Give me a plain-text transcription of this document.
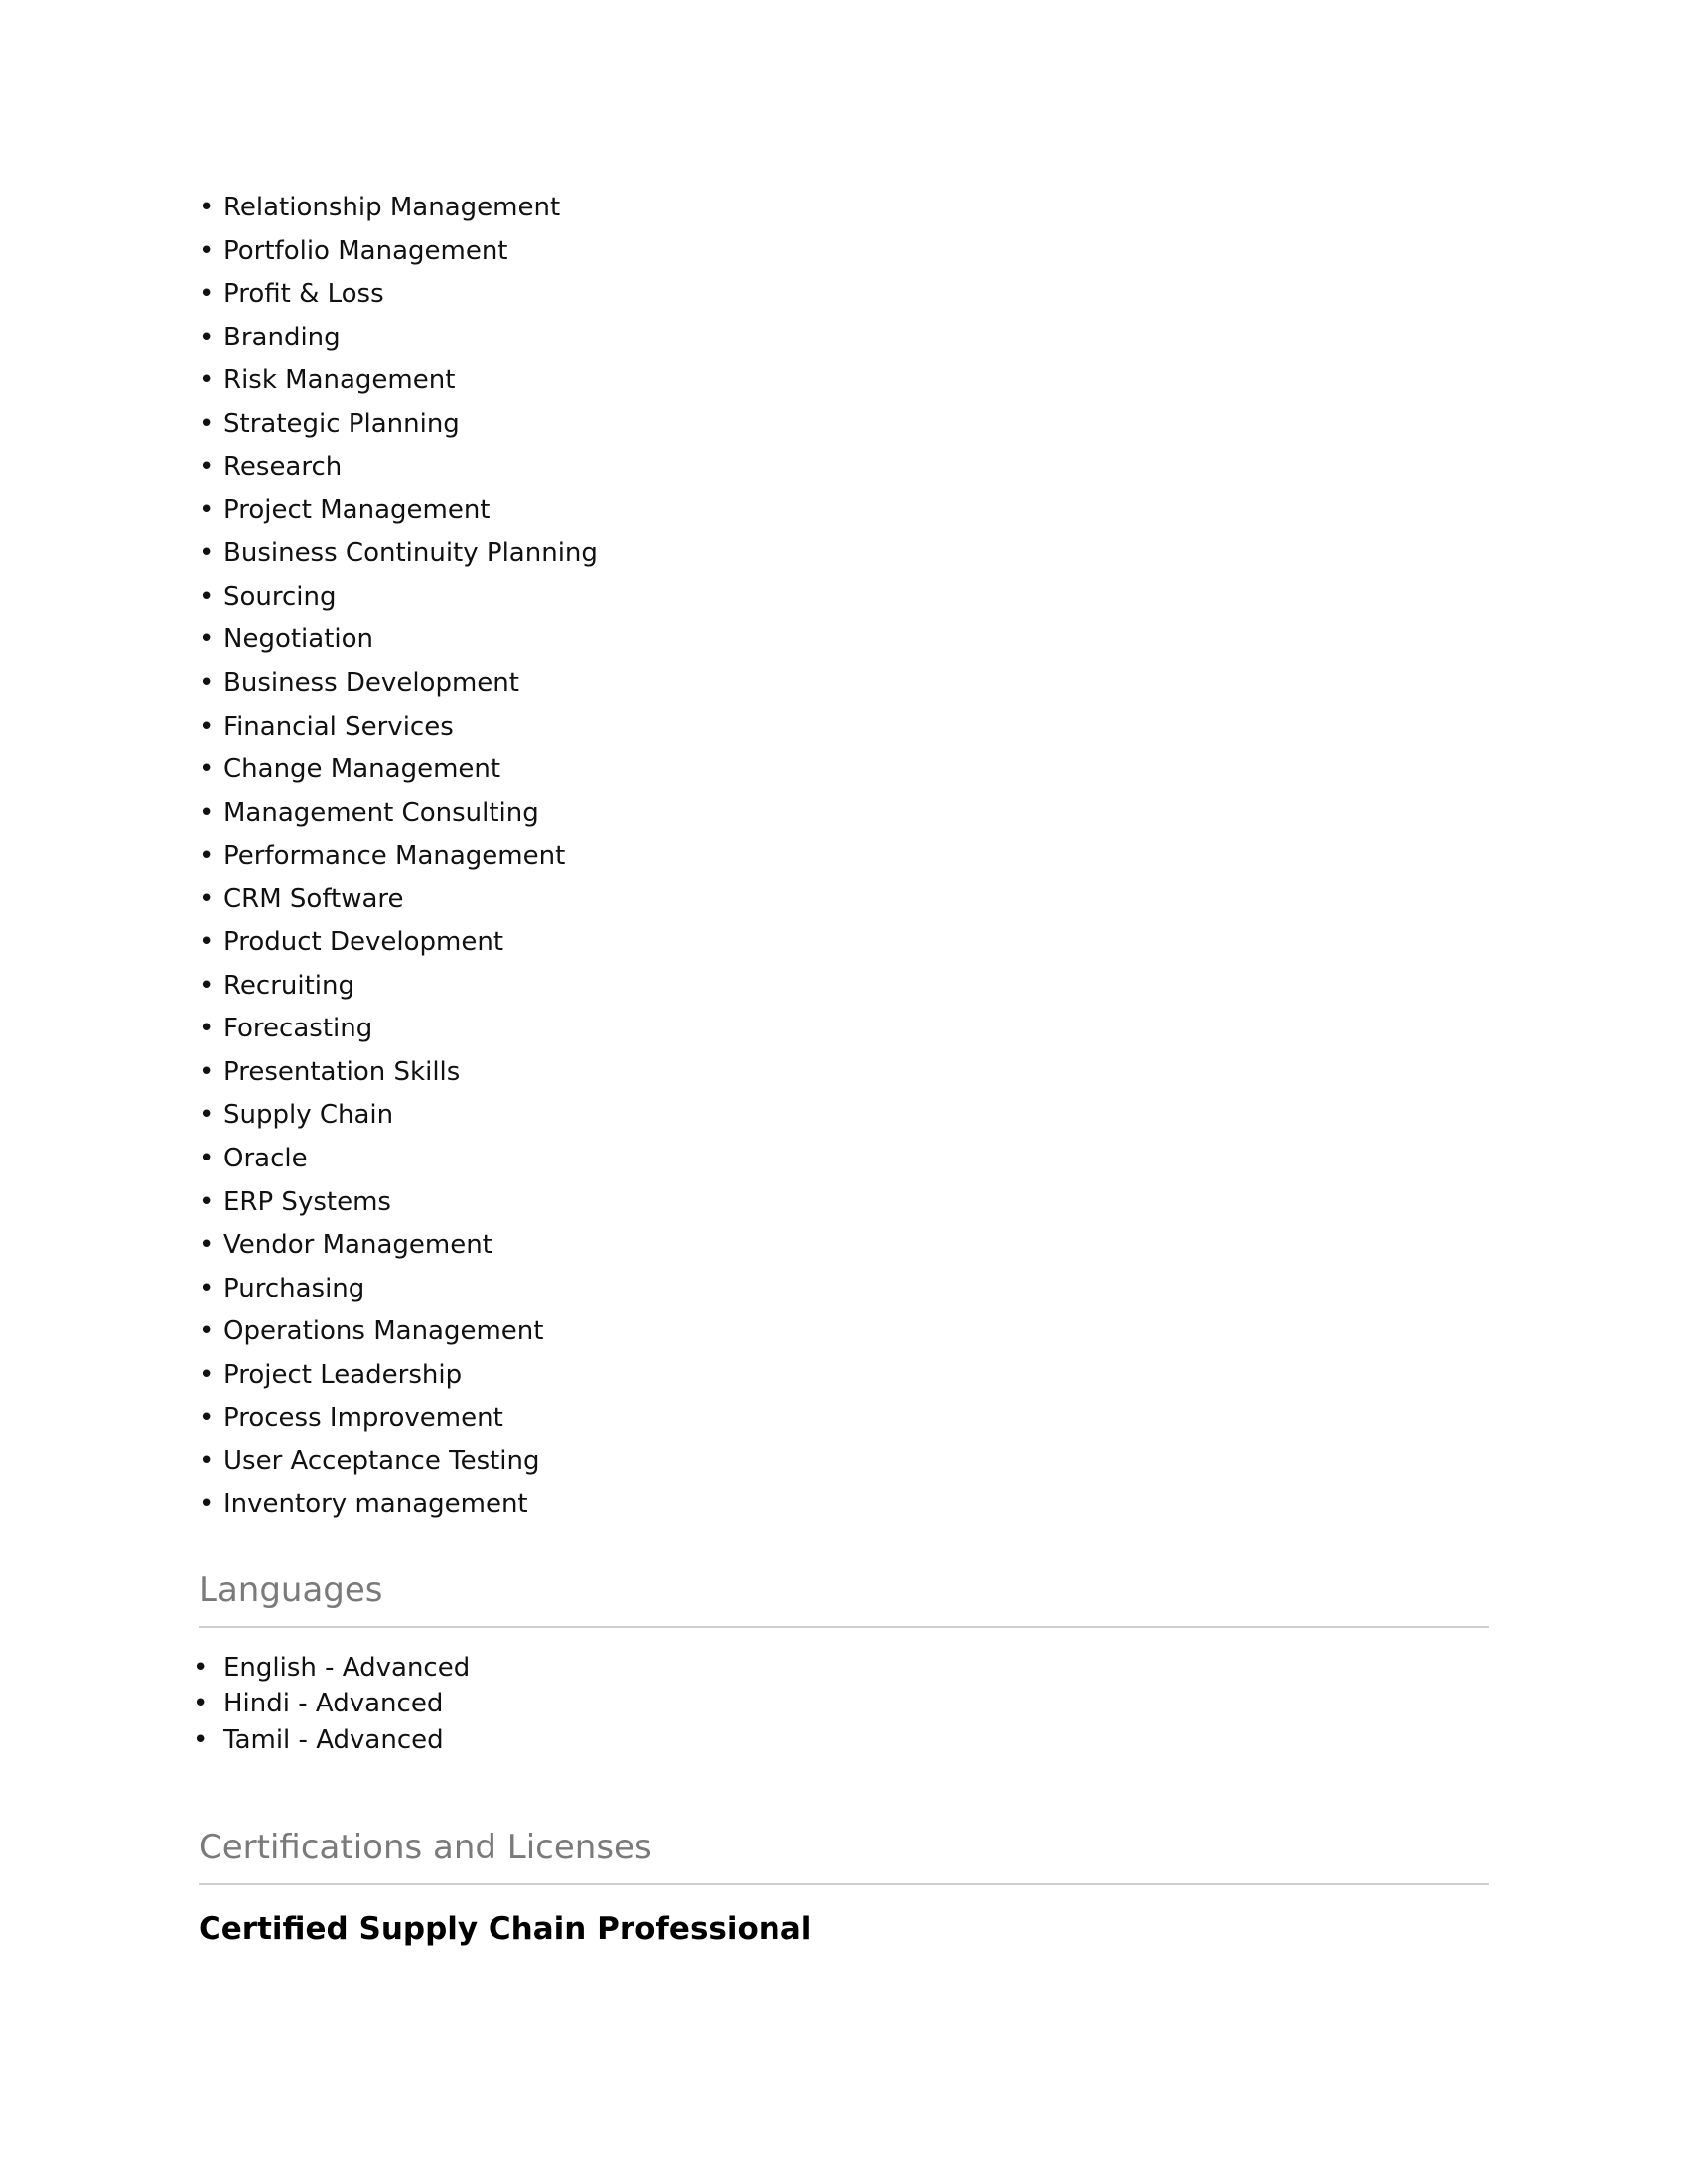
• Relationship Management
• Portfolio Management
• Profit & Loss
• Branding
• Risk Management
• Strategic Planning
• Research
• Project Management
• Business Continuity Planning
• Sourcing
• Negotiation
• Business Development
• Financial Services
• Change Management
• Management Consulting
• Performance Management
• CRM Software
• Product Development
• Recruiting
• Forecasting
• Presentation Skills
• Supply Chain
• Oracle
• ERP Systems
• Vendor Management
• Purchasing
• Operations Management
• Project Leadership
• Process Improvement
• User Acceptance Testing
• Inventory management
Languages
• English - Advanced
• Hindi - Advanced
• Tamil - Advanced
Certifications and Licenses
Certified Supply Chain Professional
